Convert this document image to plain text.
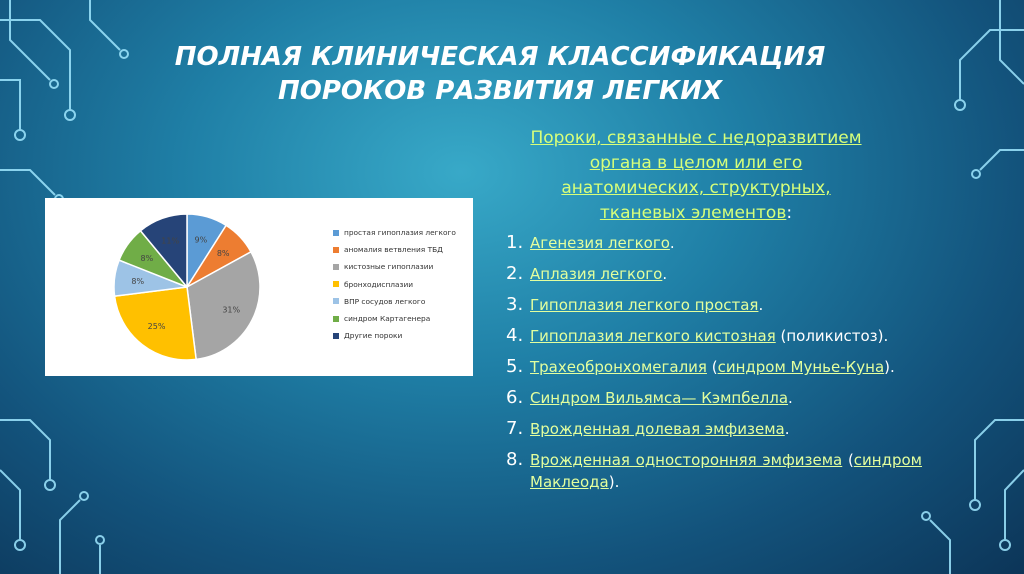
ПОЛНАЯ КЛИНИЧЕСКАЯ КЛАССИФИКАЦИЯ
ПОРОКОВ РАЗВИТИЯ ЛЕГКИХ
9%
8%
31%
25%
8%
8%
11%
простая гипоплазия легкого
аномалия ветвления ТБД
кистозные гипоплазии
бронходисплазии
ВПР сосудов легкого
синдром Картагенера
Другие пороки

Пороки, связанные с недоразвитием
органа в целом или его
анатомических, структурных,
тканевых элементов:

1. Агенезия легкого.
2. Аплазия легкого.
3. Гипоплазия легкого простая.
4. Гипоплазия легкого кистозная (поликистоз).
5. Трахеобронхомегалия (синдром Мунье-Куна).
6. Синдром Вильямса— Кэмпбелла.
7. Врожденная долевая эмфизема.
8. Врожденная односторонняя эмфизема (синдром Маклеода).
